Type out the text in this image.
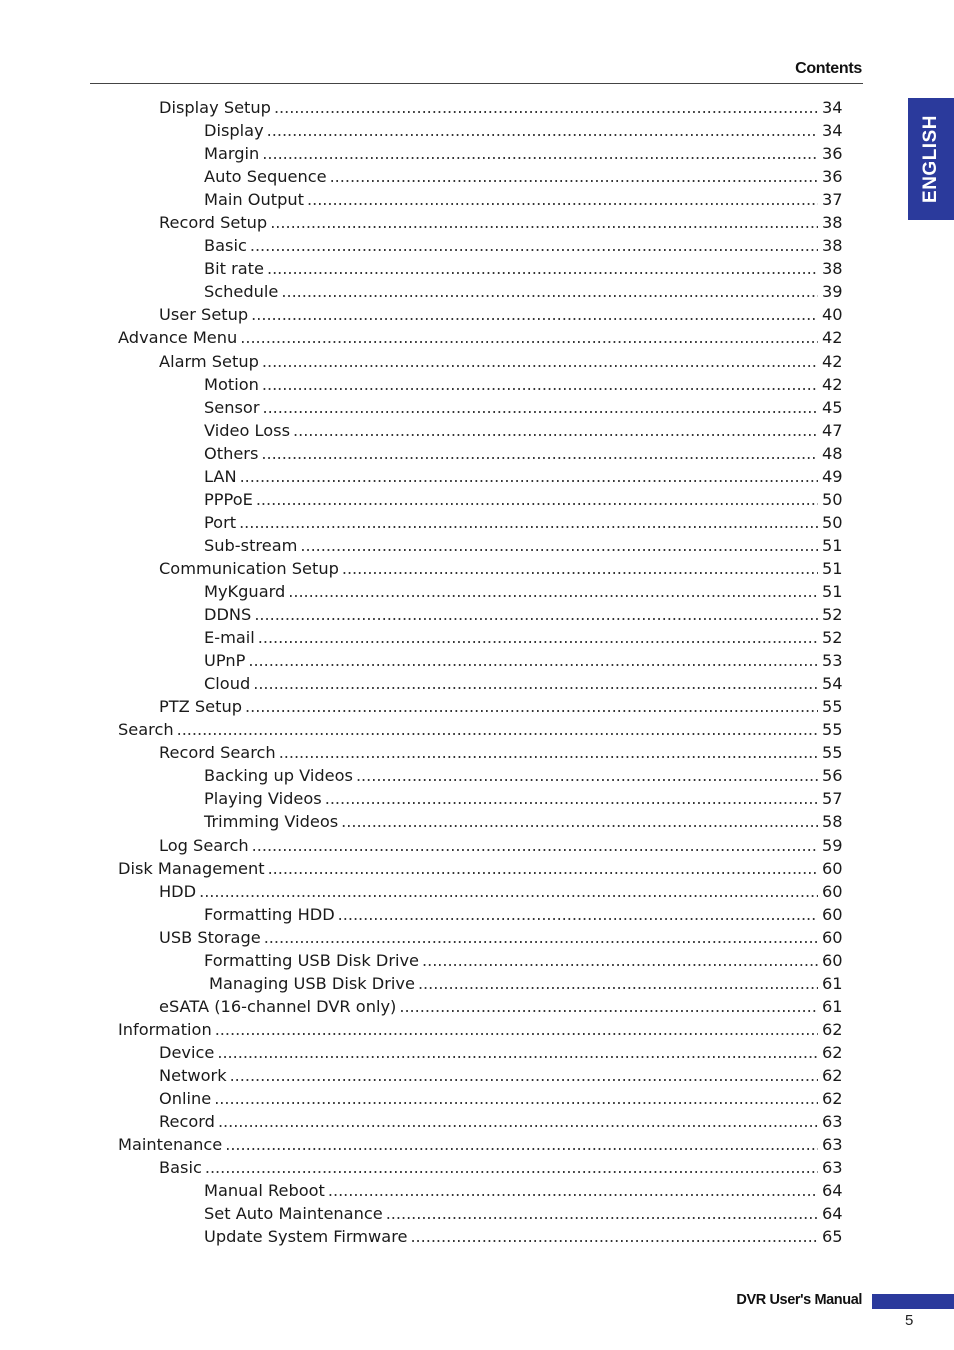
Contents
ENGLISH
Display Setup . . .	34
Display . . .	34
Margin . . .	36
Auto Sequence . . .	36
Main Output . . .	37
Record Setup . . .	38
Basic . . .	38
Bit rate . . .	38
Schedule . . .	39
User Setup . . .	40
Advance Menu . . .	42
Alarm Setup . . .	42
Motion . . .	42
Sensor . . .	45
Video Loss . . .	47
Others . . .	48
LAN . . .	49
PPPoE . . .	50
Port . . .	50
Sub-stream . . .	51
Communication Setup . . .	51
MyKguard . . .	51
DDNS . . .	52
E-mail . . .	52
UPnP . . .	53
Cloud . . .	54
PTZ Setup . . .	55
Search . . .	55
Record Search . . .	55
Backing up Videos . . .	56
Playing Videos . . .	57
Trimming Videos . . .	58
Log Search . . .	59
Disk Management . . .	60
HDD . . .	60
Formatting HDD . . .	60
USB Storage . . .	60
Formatting USB Disk Drive . . .	60
Managing USB Disk Drive . . .	61
eSATA (16-channel DVR only) . . .	61
Information . . .	62
Device . . .	62
Network . . .	62
Online . . .	62
Record . . .	63
Maintenance . . .	63
Basic . . .	63
Manual Reboot . . .	64
Set Auto Maintenance . . .	64
Update System Firmware . . .	65
DVR User's Manual
5
